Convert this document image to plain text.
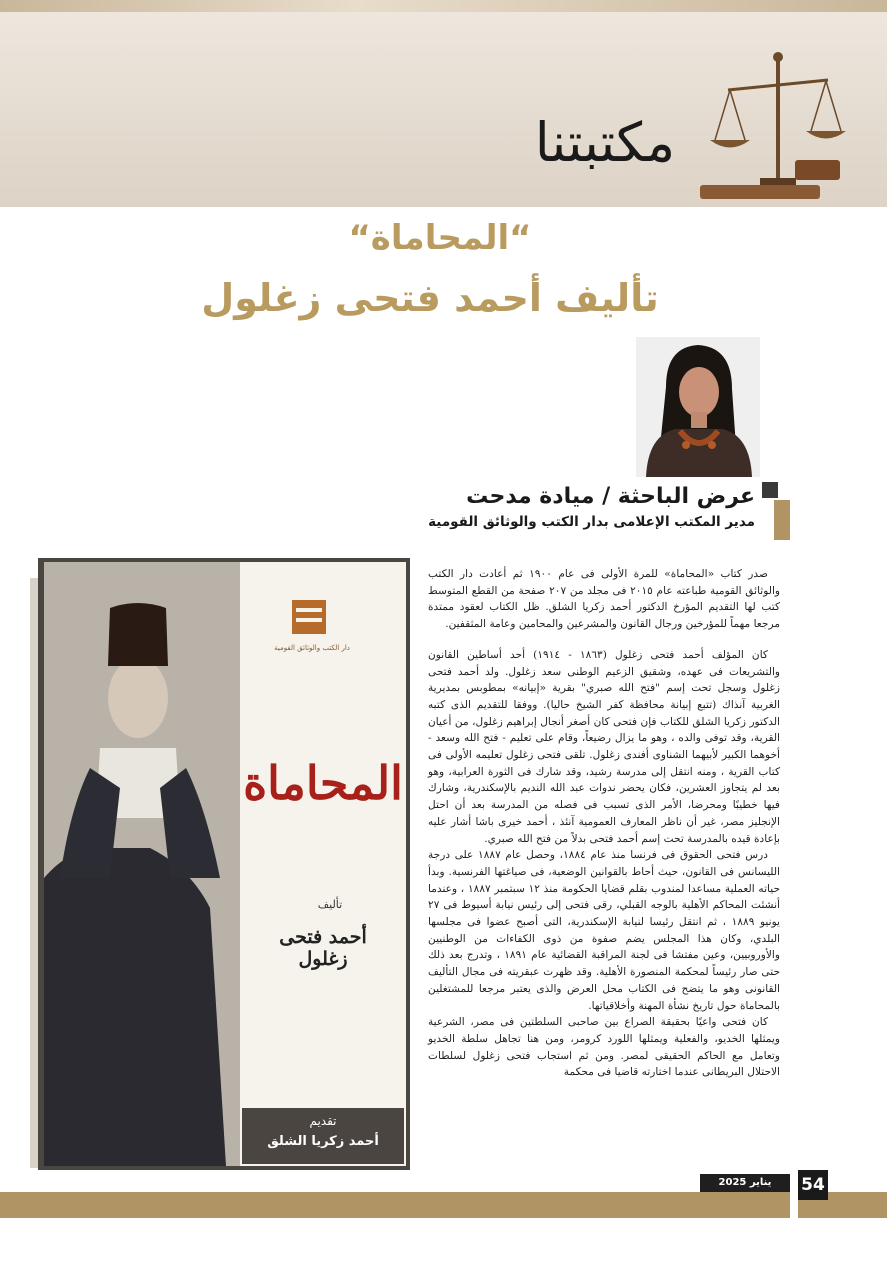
مكتبتنا
“المحاماة“
تأليف أحمد فتحى زغلول
عرض الباحثة / ميادة مدحت
مدير المكتب الإعلامى بدار الكتب والوثائق القومية
دار الكتب والوثائق القومية
المحاماة
تأليف
أحمد فتحى زغلول
تقديم
أحمد زكريا الشلق

صدر كتاب «المحاماة» للمرة الأولى فى عام ١٩٠٠ ثم أعادت دار الكتب والوثائق القومية طباعته عام ٢٠١٥ فى مجلد من ٢٠٧ صفحة من القطع المتوسط كتب لها التقديم المؤرخ الدكتور أحمد زكريا الشلق. ظل الكتاب لعقود ممتدة مرجعا مهماً للمؤرخين ورجال القانون والمشرعين والمحامين وعامة المثقفين.

كان المؤلف أحمد فتحى زغلول (١٨٦٣ - ١٩١٤) أحد أساطين القانون والتشريعات فى عهده، وشقيق الزعيم الوطنى سعد زغلول. ولد أحمد فتحى زغلول وسجل تحت إسم "فتح الله صبري" بقرية «إبيانه» بمطوبس بمديرية الغربية آنذاك (تتبع إبيانة محافظة كفر الشيخ حاليا). ووفقا للتقديم الذى كتبه الدكتور زكريا الشلق للكتاب فإن فتحى كان أصغر أنجال إبراهيم زغلول، من أعيان القرية، وقد توفى والده ، وهو ما يزال رضيعاً، وقام على تعليم - فتح الله وسعد - أخوهما الكبير لأبيهما الشناوى أفندى زغلول. تلقى فتحى زغلول تعليمه الأولى فى كتاب القرية ، ومنه انتقل إلى مدرسة رشيد، وقد شارك فى الثورة العرابية، وهو بعد لم يتجاوز العشرين، فكان يحضر ندوات عبد الله النديم بالإسكندرية، وشارك فيها خطيبًا ومحرضا، الأمر الذى تسبب فى فصله من المدرسة بعد أن احتل الإنجليز مصر، غير أن ناظر المعارف العمومية آنئذ ، أحمد خيرى باشا أشار عليه بإعادة قيده بالمدرسة تحت إسم أحمد فتحى بدلاً من فتح الله صبري.

درس فتحى الحقوق فى فرنسا منذ عام ١٨٨٤، وحصل عام ١٨٨٧ على درجة الليسانس فى القانون، حيث أحاط بالقوانين الوضعية، فى صياغتها الفرنسية. وبدأ حياته العملية مساعدا لمندوب بقلم قضايا الحكومة منذ ١٢ سبتمبر ١٨٨٧ ، وعندما أنشئت المحاكم الأهلية بالوجه القبلي، رقى فتحى إلى رئيس نيابة أسيوط فى ٢٧ يونيو ١٨٨٩ ، ثم انتقل رئيسا لنيابة الإسكندرية، التى أصبح عضوا فى مجلسها البلدي، وكان هذا المجلس يضم صفوة من ذوى الكفاءات من الوطنيين والأوروبيين، وعين مفتشا فى لجنة المراقبة القضائية عام ١٨٩١ ، وتدرج بعد ذلك حتى صار رئيساً لمحكمة المنصورة الأهلية. وقد ظهرت عبقريته فى مجال التأليف القانونى وهو ما يتضح فى الكتاب محل العرض والذى يعتبر مرجعا للمشتغلين بالمحاماة حول تاريخ نشأة المهنة وأخلاقياتها.

كان فتحى واعيًا بحقيقة الصراع بين صاحبى السلطتين فى مصر، الشرعية ويمثلها الخديو، والفعلية ويمثلها اللورد كرومر، ومن هنا تجاهل سلطة الخديو وتعامل مع الحاكم الحقيقى لمصر. ومن ثم استجاب فتحى زغلول لسلطات الاحتلال البريطانى عندما اختارته قاضيا فى محكمة

يناير 2025	54
